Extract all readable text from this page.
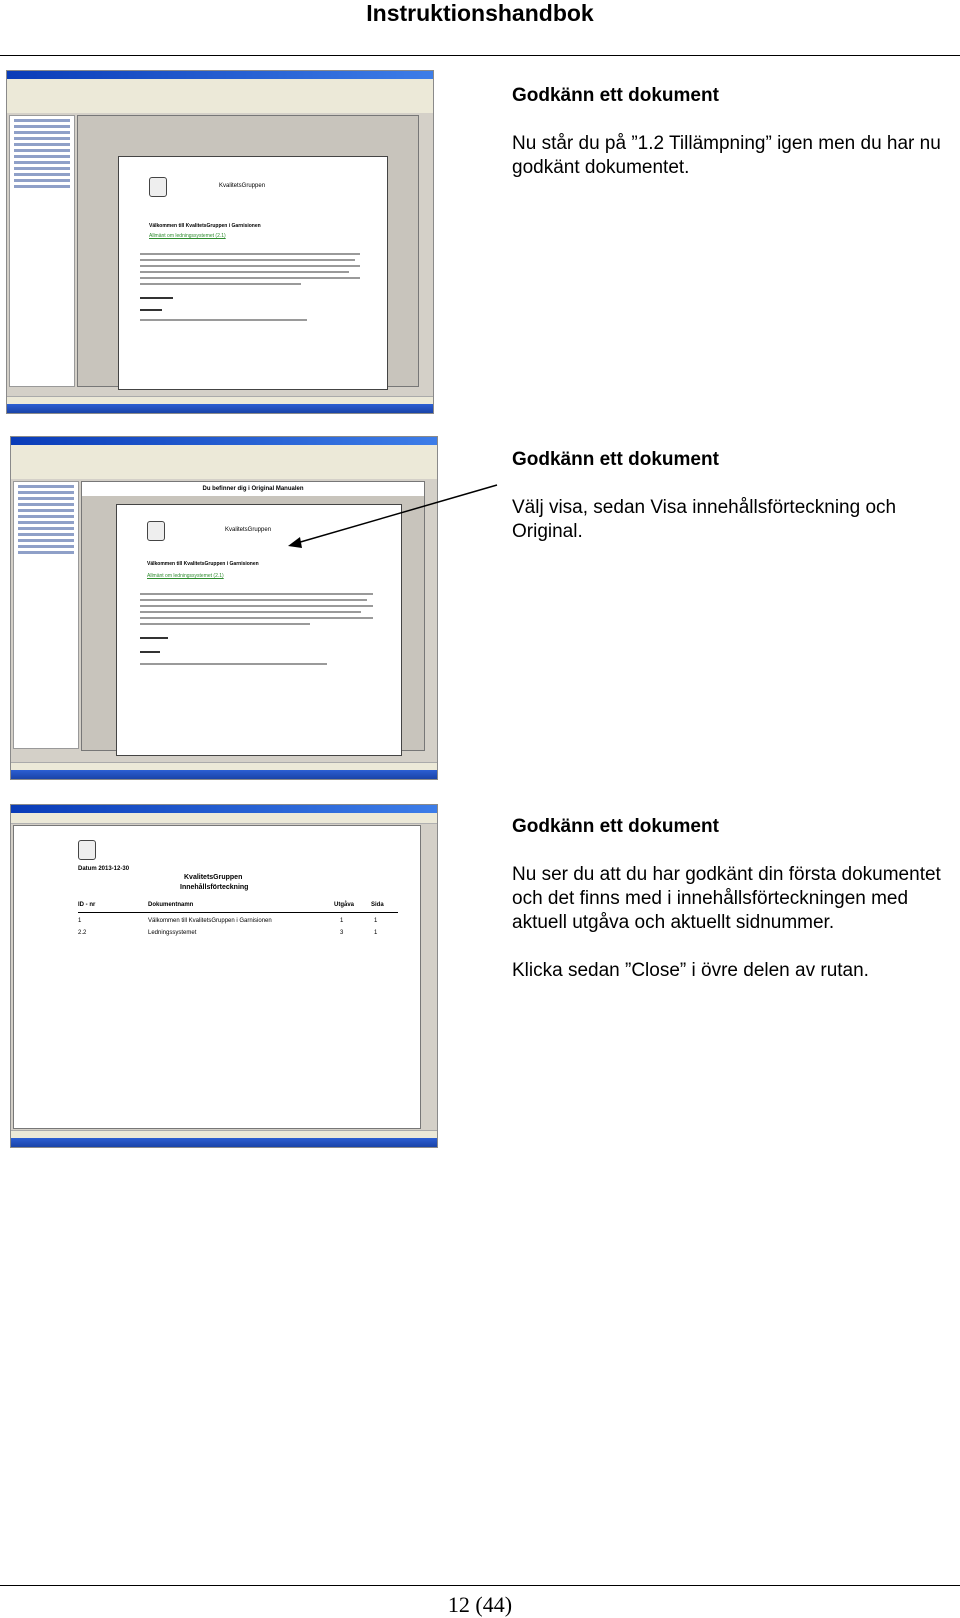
Instruktionshandbok
KvalitetsGruppen
Välkommen till KvalitetsGruppen i Garnisionen
Allmänt om ledningssystemet (2.1)
Du befinner dig i Original Manualen
KvalitetsGruppen
Välkommen till KvalitetsGruppen i Garnisionen
Allmänt om ledningssystemet (2.1)
Datum 2013-12-30
KvalitetsGruppen
Innehållsförteckning
ID - nr	Dokumentnamn	Utgåva	Sida
1	Välkommen till KvalitetsGruppen i Garnisionen	1	1
2.2	Ledningssystemet	3	1
Godkänn ett dokument

Nu står du på ”1.2 Tillämpning” igen men du har nu godkänt dokumentet.

Godkänn ett dokument

Välj visa, sedan Visa innehållsförteckning och Original.

Godkänn ett dokument

Nu ser du att du har godkänt din första dokumentet och det finns med i innehållsförteckningen med aktuell utgåva och aktuellt sidnummer.

Klicka sedan ”Close” i övre delen av rutan.

12 (44)
